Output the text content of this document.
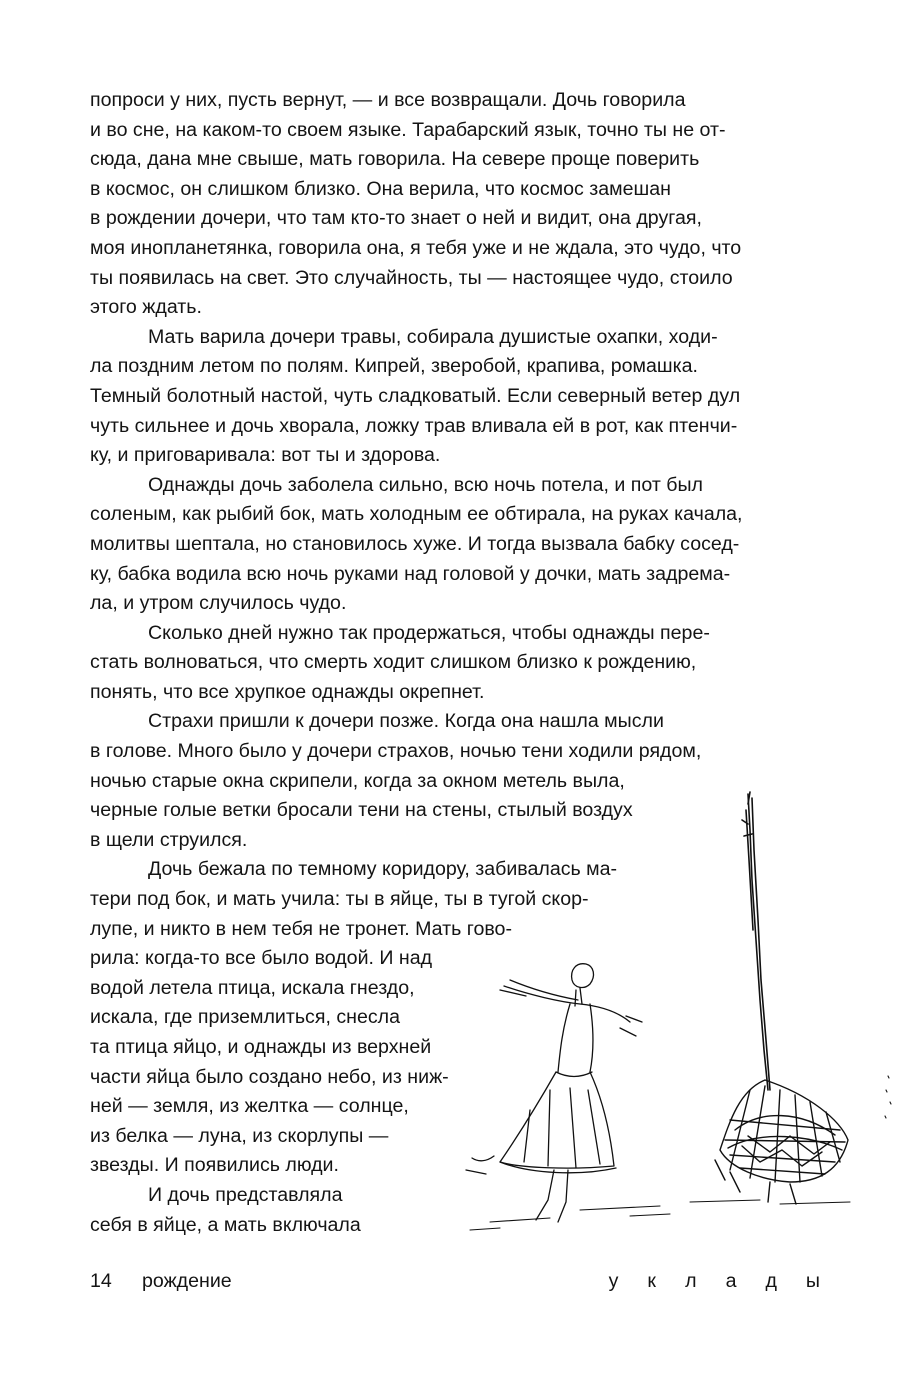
попроси у них, пусть вернут, — и все возвращали. Дочь говорила
и во сне, на каком-то своем языке. Тарабарский язык, точно ты не от-
сюда, дана мне свыше, мать говорила. На севере проще поверить
в космос, он слишком близко. Она верила, что космос замешан
в рождении дочери, что там кто-то знает о ней и видит, она другая,
моя инопланетянка, говорила она, я тебя уже и не ждала, это чудо, что
ты появилась на свет. Это случайность, ты — настоящее чудо, стоило
этого ждать.
Мать варила дочери травы, собирала душистые охапки, ходи-
ла поздним летом по полям. Кипрей, зверобой, крапива, ромашка.
Темный болотный настой, чуть сладковатый. Если северный ветер дул
чуть сильнее и дочь хворала, ложку трав вливала ей в рот, как птенчи-
ку, и приговаривала: вот ты и здорова.
Однажды дочь заболела сильно, всю ночь потела, и пот был
соленым, как рыбий бок, мать холодным ее обтирала, на руках качала,
молитвы шептала, но становилось хуже. И тогда вызвала бабку сосед-
ку, бабка водила всю ночь руками над головой у дочки, мать задрема-
ла, и утром случилось чудо.
Сколько дней нужно так продержаться, чтобы однажды пере-
стать волноваться, что смерть ходит слишком близко к рождению,
понять, что все хрупкое однажды окрепнет.
Страхи пришли к дочери позже. Когда она нашла мысли
в голове. Много было у дочери страхов, ночью тени ходили рядом,
ночью старые окна скрипели, когда за окном метель выла,
черные голые ветки бросали тени на стены, стылый воздух
в щели струился.
Дочь бежала по темному коридору, забивалась ма-
тери под бок, и мать учила: ты в яйце, ты в тугой скор-
лупе, и никто в нем тебя не тронет. Мать гово-
рила: когда-то все было водой. И над
водой летела птица, искала гнездо,
искала, где приземлиться, снесла
та птица яйцо, и однажды из верхней
части яйца было создано небо, из ниж-
ней — земля, из желтка — солнце,
из белка — луна, из скорлупы —
звезды. И появились люди.
И дочь представляла
себя в яйце, а мать включала
14 рождение	уклады
